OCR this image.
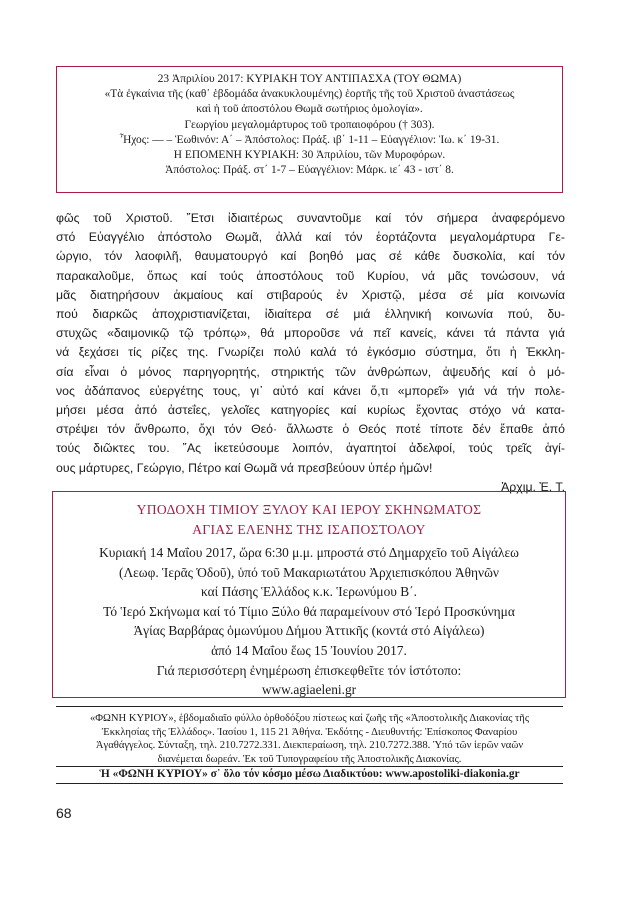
23 Ἀπριλίου 2017: ΚΥΡΙΑΚΗ ΤΟΥ ΑΝΤΙΠΑΣΧΑ (ΤΟΥ ΘΩΜΑ)
«Τὰ ἐγκαίνια τῆς (καθ᾿ ἑβδομάδα ἀνακυκλουμένης) ἑορτῆς τῆς τοῦ Χριστοῦ ἀναστάσεως
καὶ ἡ τοῦ ἀποστόλου Θωμᾶ σωτήριος ὁμολογία».
Γεωργίου μεγαλομάρτυρος τοῦ τροπαιοφόρου († 303).
Ἦχος: — – Ἑωθινόν: Α΄ – Ἀπόστολος: Πράξ. ιβ΄ 1-11 – Εὐαγγέλιον: Ἰω. κ΄ 19-31.
Η ΕΠΟΜΕΝΗ ΚΥΡΙΑΚΗ: 30 Ἀπριλίου, τῶν Μυροφόρων.
Ἀπόστολος: Πράξ. στ΄ 1-7 – Εὐαγγέλιον: Μάρκ. ιε΄ 43 - ιστ΄ 8.
φῶς τοῦ Χριστοῦ. ῎Ετσι ἰδιαιτέρως συναντοῦμε καί τόν σήμερα ἀναφερόμενο
στό Εὐαγγέλιο ἀπόστολο Θωμᾶ, ἀλλά καί τόν ἑορτάζοντα μεγαλομάρτυρα Γε-
ώργιο, τόν λαοφιλῆ, θαυματουργό καί βοηθό μας σέ κάθε δυσκολία, καί τόν
παρακαλοῦμε, ὅπως καί τούς ἀποστόλους τοῦ Κυρίου, νά μᾶς τονώσουν, νά
μᾶς διατηρήσουν ἀκμαίους καί στιβαρούς ἐν Χριστῷ, μέσα σέ μία κοινωνία
πού διαρκῶς ἀποχριστιανίζεται, ἰδιαίτερα σέ μιά ἑλληνική κοινωνία πού, δυ-
στυχῶς «δαιμονικῷ τῷ τρόπῳ», θά μποροῦσε νά πεῖ κανείς, κάνει τά πάντα γιά
νά ξεχάσει τίς ρίζες της. Γνωρίζει πολύ καλά τό ἐγκόσμιο σύστημα, ὅτι ἡ Ἐκκλη-
σία εἶναι ὁ μόνος παρηγορητής, στηρικτής τῶν ἀνθρώπων, ἀψευδής καί ὁ μό-
νος ἀδάπανος εὐεργέτης τους, γι᾿ αὐτό καί κάνει ὅ,τι «μπορεῖ» γιά νά τήν πολε-
μήσει μέσα ἀπό ἀστεΐες, γελοῖες κατηγορίες καί κυρίως ἔχοντας στόχο νά κατα-
στρέψει τόν ἄνθρωπο, ὄχι τόν Θεό· ἄλλωστε ὁ Θεός ποτέ τίποτε δέν ἔπαθε ἀπό
τούς διῶκτες του. ῎Ας ἱκετεύσουμε λοιπόν, ἀγαπητοί ἀδελφοί, τούς τρεῖς ἁγί-
ους μάρτυρες, Γεώργιο, Πέτρο καί Θωμᾶ νά πρεσβεύουν ὑπέρ ἡμῶν!
Ἀρχιμ. Ἐ. Τ.
ΥΠΟΔΟΧΗ ΤΙΜΙΟΥ ΞΥΛΟΥ ΚΑΙ ΙΕΡΟΥ ΣΚΗΝΩΜΑΤΟΣ
ΑΓΙΑΣ ΕΛΕΝΗΣ ΤΗΣ ΙΣΑΠΟΣΤΟΛΟΥ
Κυριακή 14 Μαΐου 2017, ὥρα 6:30 μ.μ. μπροστά στό Δημαρχεῖο τοῦ Αἰγάλεω
(Λεωφ. Ἱερᾶς Ὁδοῦ), ὑπό τοῦ Μακαριωτάτου Ἀρχιεπισκόπου Ἀθηνῶν
καί Πάσης Ἑλλάδος κ.κ. Ἱερωνύμου Β΄.
Τό Ἱερό Σκήνωμα καί τό Τίμιο Ξύλο θά παραμείνουν στό Ἱερό Προσκύνημα
Ἁγίας Βαρβάρας ὁμωνύμου Δήμου Ἀττικῆς (κοντά στό Αἰγάλεω)
ἀπό 14 Μαΐου ἕως 15 Ἰουνίου 2017.
Γιά περισσότερη ἐνημέρωση ἐπισκεφθεῖτε τόν ἱστότοπο:
www.agiaeleni.gr
«ΦΩΝΗ ΚΥΡΙΟΥ», ἑβδομαδιαῖο φύλλο ὀρθοδόξου πίστεως καί ζωῆς τῆς «Ἀποστολικῆς Διακονίας τῆς
Ἐκκλησίας τῆς Ἑλλάδος». Ἰασίου 1, 115 21 Ἀθήνα. Ἐκδότης - Διευθυντής: Ἐπίσκοπος Φαναρίου
Ἀγαθάγγελος. Σύνταξη, τηλ. 210.7272.331. Διεκπεραίωση, τηλ. 210.7272.388. Ὑπό τῶν ἱερῶν ναῶν
διανέμεται δωρεάν. Ἐκ τοῦ Τυπογραφείου τῆς Ἀποστολικῆς Διακονίας.
Ἡ «ΦΩΝΗ ΚΥΡΙΟΥ» σ᾿ ὅλο τόν κόσμο μέσω Διαδικτύου: www.apostoliki-diakonia.gr
68
